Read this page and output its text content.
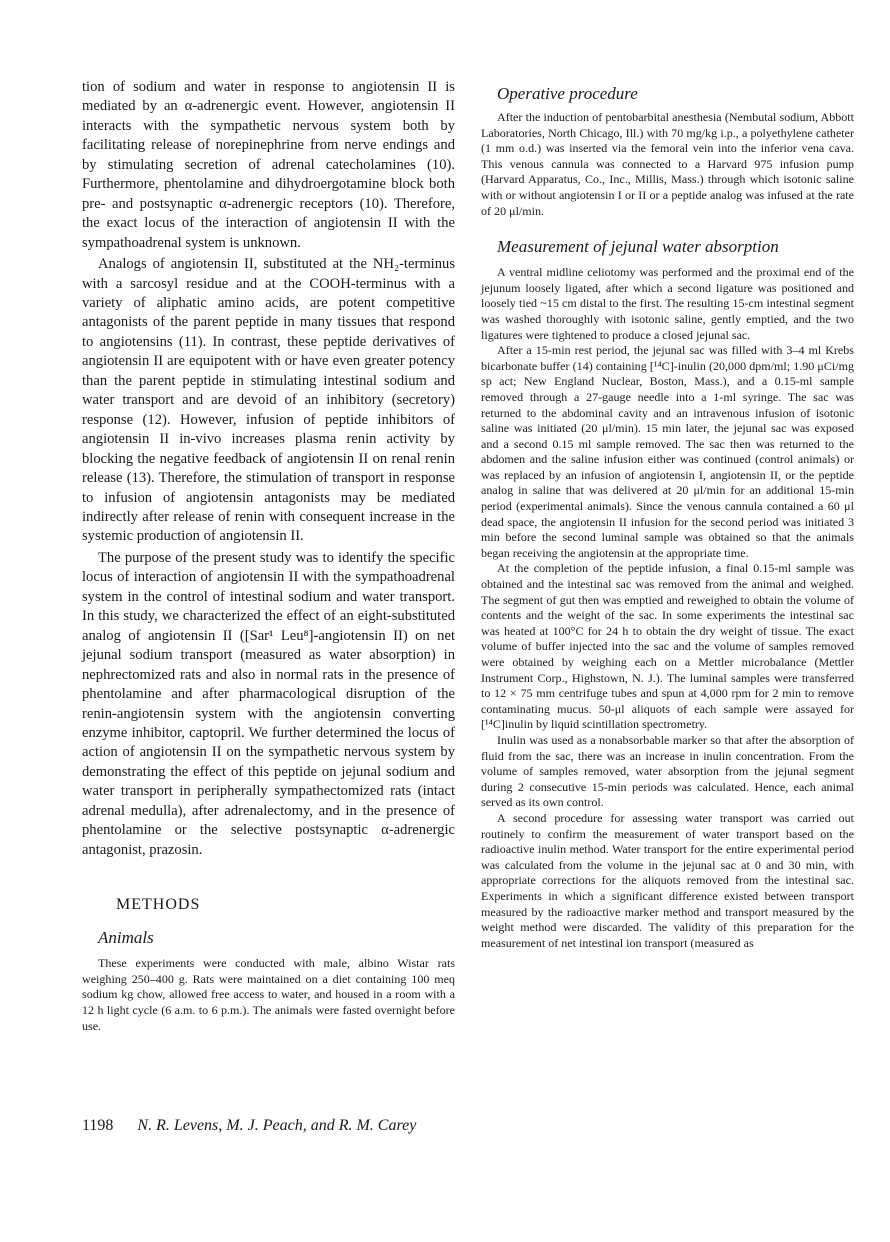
tion of sodium and water in response to angiotensin II is mediated by an α-adrenergic event. However, angiotensin II interacts with the sympathetic nervous system both by facilitating release of norepinephrine from nerve endings and by stimulating secretion of adrenal catecholamines (10). Furthermore, phentolamine and dihydroergotamine block both pre- and postsynaptic α-adrenergic receptors (10). Therefore, the exact locus of the interaction of angiotensin II with the sympathoadrenal system is unknown.

Analogs of angiotensin II, substituted at the NH₂-terminus with a sarcosyl residue and at the COOH-terminus with a variety of aliphatic amino acids, are potent competitive antagonists of the parent peptide in many tissues that respond to angiotensins (11). In contrast, these peptide derivatives of angiotensin II are equipotent with or have even greater potency than the parent peptide in stimulating intestinal sodium and water transport and are devoid of an inhibitory (secretory) response (12). However, infusion of peptide inhibitors of angiotensin II in-vivo increases plasma renin activity by blocking the negative feedback of angiotensin II on renal renin release (13). Therefore, the stimulation of transport in response to infusion of angiotensin antagonists may be mediated indirectly after release of renin with consequent increase in the systemic production of angiotensin II.

The purpose of the present study was to identify the specific locus of interaction of angiotensin II with the sympathoadrenal system in the control of intestinal sodium and water transport. In this study, we characterized the effect of an eight-substituted analog of angiotensin II ([Sar¹ Leu⁸]-angiotensin II) on net jejunal sodium transport (measured as water absorption) in nephrectomized rats and also in normal rats in the presence of phentolamine and after pharmacological disruption of the renin-angiotensin system with the angiotensin converting enzyme inhibitor, captopril. We further determined the locus of action of angiotensin II on the sympathetic nervous system by demonstrating the effect of this peptide on jejunal sodium and water transport in peripherally sympathectomized rats (intact adrenal medulla), after adrenalectomy, and in the presence of phentolamine or the selective postsynaptic α-adrenergic antagonist, prazosin.

METHODS
Animals

These experiments were conducted with male, albino Wistar rats weighing 250–400 g. Rats were maintained on a diet containing 100 meq sodium kg chow, allowed free access to water, and housed in a room with a 12 h light cycle (6 a.m. to 6 p.m.). The animals were fasted overnight before use.

Operative procedure

After the induction of pentobarbital anesthesia (Nembutal sodium, Abbott Laboratories, North Chicago, Ill.) with 70 mg/kg i.p., a polyethylene catheter (1 mm o.d.) was inserted via the femoral vein into the inferior vena cava. This venous cannula was connected to a Harvard 975 infusion pump (Harvard Apparatus, Co., Inc., Millis, Mass.) through which isotonic saline with or without angiotensin I or II or a peptide analog was infused at the rate of 20 μl/min.

Measurement of jejunal water absorption

A ventral midline celiotomy was performed and the proximal end of the jejunum loosely ligated, after which a second ligature was positioned and loosely tied ~15 cm distal to the first. The resulting 15-cm intestinal segment was washed thoroughly with isotonic saline, gently emptied, and the two ligatures were tightened to produce a closed jejunal sac.

After a 15-min rest period, the jejunal sac was filled with 3–4 ml Krebs bicarbonate buffer (14) containing [¹⁴C]-inulin (20,000 dpm/ml; 1.90 μCi/mg sp act; New England Nuclear, Boston, Mass.), and a 0.15-ml sample removed through a 27-gauge needle into a 1-ml syringe. The sac was returned to the abdominal cavity and an intravenous infusion of isotonic saline was initiated (20 μl/min). 15 min later, the jejunal sac was exposed and a second 0.15 ml sample removed. The sac then was returned to the abdomen and the saline infusion either was continued (control animals) or was replaced by an infusion of angiotensin I, angiotensin II, or the peptide analog in saline that was delivered at 20 μl/min for an additional 15-min period (experimental animals). Since the venous cannula contained a 60 μl dead space, the angiotensin II infusion for the second period was initiated 3 min before the second luminal sample was obtained so that the animals began receiving the angiotensin at the appropriate time.

At the completion of the peptide infusion, a final 0.15-ml sample was obtained and the intestinal sac was removed from the animal and weighed. The segment of gut then was emptied and reweighed to obtain the volume of contents and the weight of the sac. In some experiments the intestinal sac was heated at 100°C for 24 h to obtain the dry weight of tissue. The exact volume of buffer injected into the sac and the volume of samples removed were obtained by weighing each on a Mettler microbalance (Mettler Instrument Corp., Highstown, N. J.). The luminal samples were transferred to 12 × 75 mm centrifuge tubes and spun at 4,000 rpm for 2 min to remove contaminating mucus. 50-μl aliquots of each sample were assayed for [¹⁴C]inulin by liquid scintillation spectrometry.

Inulin was used as a nonabsorbable marker so that after the absorption of fluid from the sac, there was an increase in inulin concentration. From the volume of samples removed, water absorption from the jejunal segment during 2 consecutive 15-min periods was calculated. Hence, each animal served as its own control.

A second procedure for assessing water transport was carried out routinely to confirm the measurement of water transport based on the radioactive inulin method. Water transport for the entire experimental period was calculated from the volume in the jejunal sac at 0 and 30 min, with appropriate corrections for the aliquots removed from the intestinal sac. Experiments in which a significant difference existed between transport measured by the radioactive marker method and transport measured by the weight method were discarded. The validity of this preparation for the measurement of net intestinal ion transport (measured as

1198 N. R. Levens, M. J. Peach, and R. M. Carey
